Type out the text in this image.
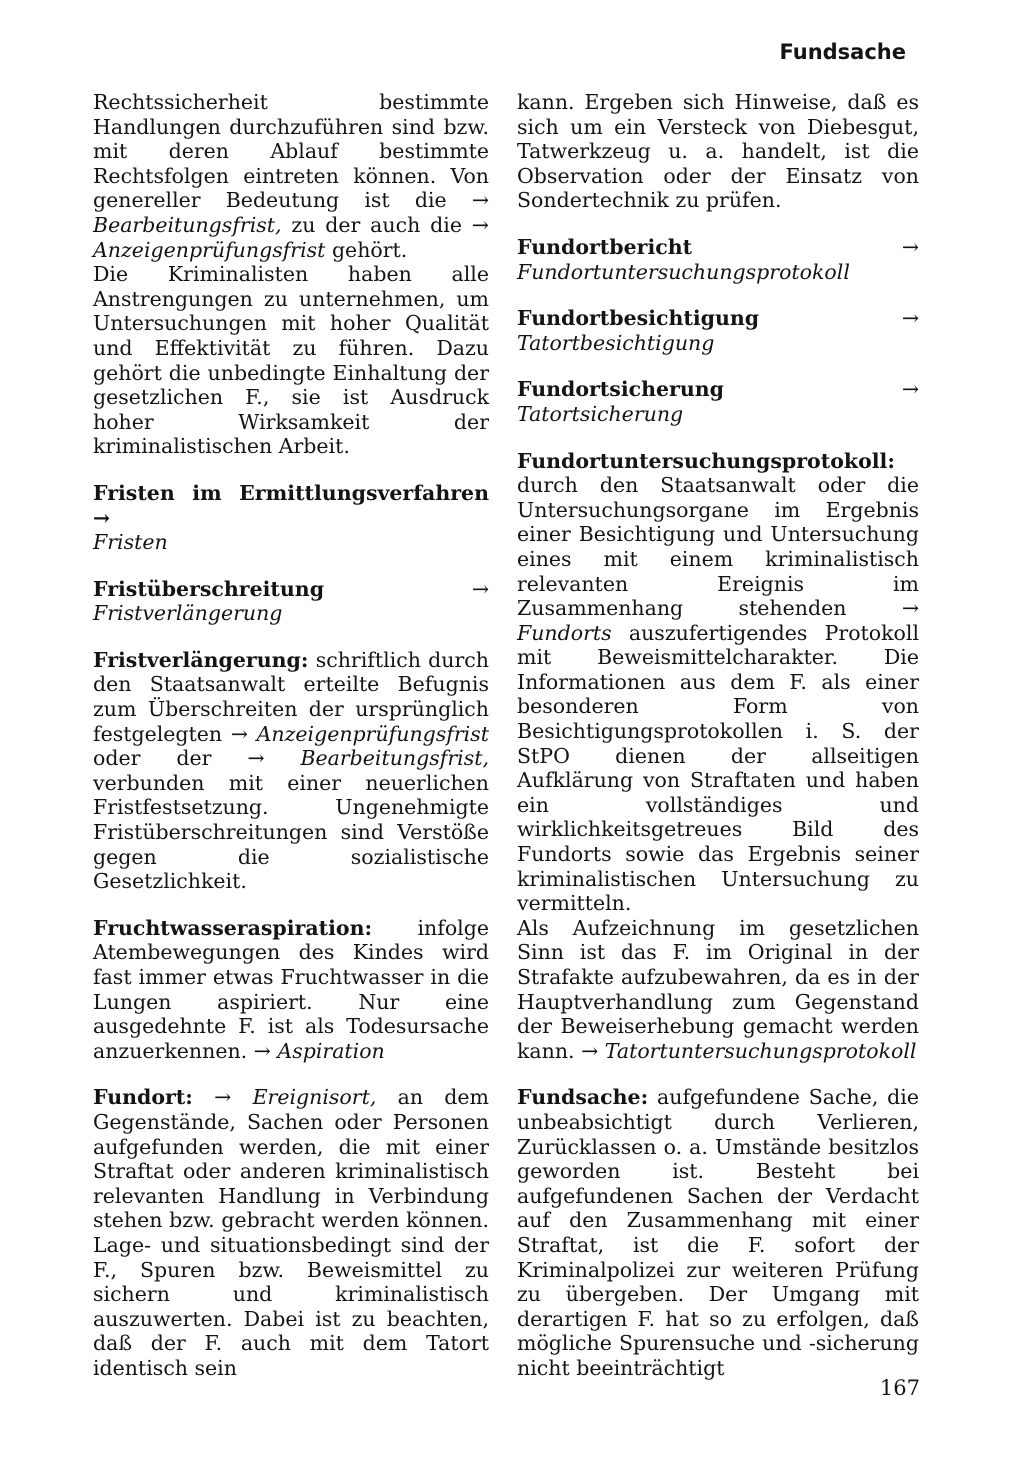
Fundsache

Rechtssicherheit bestimmte Handlungen durchzuführen sind bzw. mit deren Ablauf bestimmte Rechtsfolgen eintreten können. Von genereller Bedeutung ist die → Bearbeitungsfrist, zu der auch die → Anzeigenprüfungsfrist gehört.

Die Kriminalisten haben alle Anstrengungen zu unternehmen, um Untersuchungen mit hoher Qualität und Effektivität zu führen. Dazu gehört die unbedingte Einhaltung der gesetzlichen F., sie ist Ausdruck hoher Wirksamkeit der kriminalistischen Arbeit.

Fristen im Ermittlungsverfahren →
Fristen

Fristüberschreitung → Fristverlängerung

Fristverlängerung: schriftlich durch den Staatsanwalt erteilte Befugnis zum Überschreiten der ursprünglich festgelegten → Anzeigenprüfungsfrist oder der → Bearbeitungsfrist, verbunden mit einer neuerlichen Fristfestsetzung. Ungenehmigte Fristüberschreitungen sind Verstöße gegen die sozialistische Gesetzlichkeit.

Fruchtwasseraspiration: infolge Atembewegungen des Kindes wird fast immer etwas Fruchtwasser in die Lungen aspiriert. Nur eine ausgedehnte F. ist als Todesursache anzuerkennen. → Aspiration

Fundort: → Ereignisort, an dem Gegenstände, Sachen oder Personen aufgefunden werden, die mit einer Straftat oder anderen kriminalistisch relevanten Handlung in Verbindung stehen bzw. gebracht werden können. Lage- und situationsbedingt sind der F., Spuren bzw. Beweismittel zu sichern und kriminalistisch auszuwerten. Dabei ist zu beachten, daß der F. auch mit dem Tatort identisch sein

kann. Ergeben sich Hinweise, daß es sich um ein Versteck von Diebesgut, Tatwerkzeug u. a. handelt, ist die Observation oder der Einsatz von Sondertechnik zu prüfen.

Fundortbericht → Fundortuntersuchungsprotokoll

Fundortbesichtigung → Tatortbesichtigung

Fundortsicherung → Tatortsicherung

Fundortuntersuchungsprotokoll: durch den Staatsanwalt oder die Untersuchungsorgane im Ergebnis einer Besichtigung und Untersuchung eines mit einem kriminalistisch relevanten Ereignis im Zusammenhang stehenden → Fundorts auszufertigendes Protokoll mit Beweismittelcharakter. Die Informationen aus dem F. als einer besonderen Form von Besichtigungsprotokollen i. S. der StPO dienen der allseitigen Aufklärung von Straftaten und haben ein vollständiges und wirklichkeitsgetreues Bild des Fundorts sowie das Ergebnis seiner kriminalistischen Untersuchung zu vermitteln.

Als Aufzeichnung im gesetzlichen Sinn ist das F. im Original in der Strafakte aufzubewahren, da es in der Hauptverhandlung zum Gegenstand der Beweiserhebung gemacht werden kann. → Tatortuntersuchungsprotokoll

Fundsache: aufgefundene Sache, die unbeabsichtigt durch Verlieren, Zurücklassen o. a. Umstände besitzlos geworden ist. Besteht bei aufgefundenen Sachen der Verdacht auf den Zusammenhang mit einer Straftat, ist die F. sofort der Kriminalpolizei zur weiteren Prüfung zu übergeben. Der Umgang mit derartigen F. hat so zu erfolgen, daß mögliche Spurensuche und -sicherung nicht beeinträchtigt

167
